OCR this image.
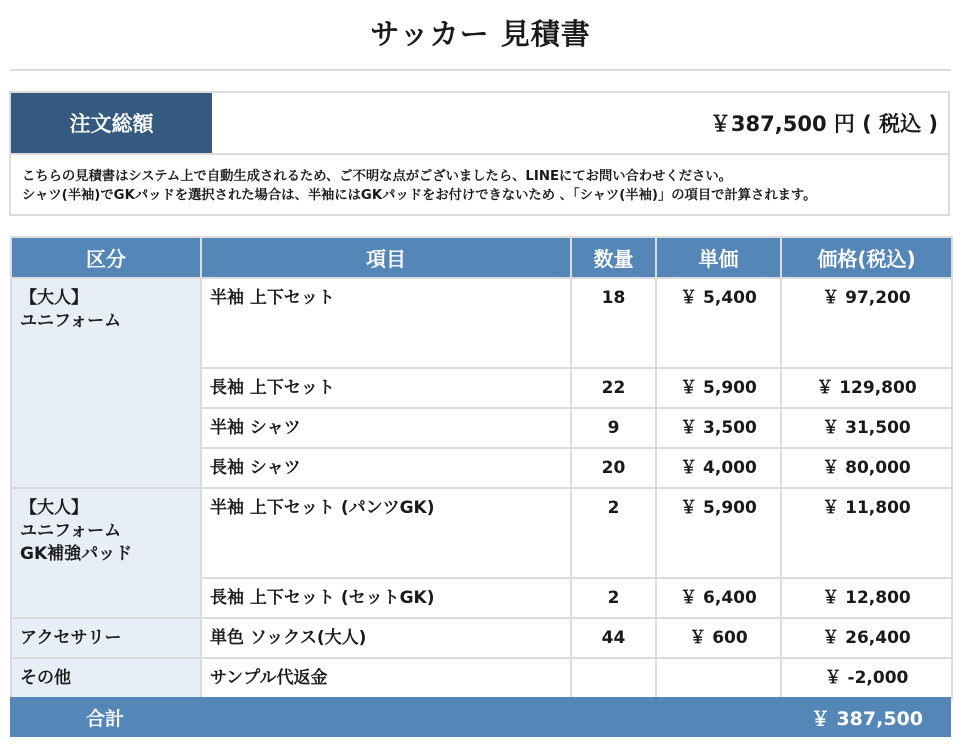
サッカー 見積書
注文総額	￥387,500 円 ( 税込 )
こちらの見積書はシステム上で自動生成されるため、ご不明な点がございましたら、LINEにてお問い合わせください。
シャツ(半袖)でGKパッドを選択された場合は、半袖にはGKパッドをお付けできないため 、「シャツ(半袖)」の項目で計算されます。
区分	項目	数量	単価	価格(税込)

【大人】
ユニフォーム	半袖 上下セット	18	￥ 5,400	￥ 97,200
	長袖 上下セット	22	￥ 5,900	￥ 129,800
	半袖 シャツ	9	￥ 3,500	￥ 31,500
	長袖 シャツ	20	￥ 4,000	￥ 80,000

【大人】
ユニフォーム
GK補強パッド	半袖 上下セット (パンツGK)	2	￥ 5,900	￥ 11,800
	長袖 上下セット (セットGK)	2	￥ 6,400	￥ 12,800

アクセサリー	単色 ソックス(大人)	44	￥ 600	￥ 26,400

その他	サンプル代返金			￥ -2,000
合計	￥ 387,500
